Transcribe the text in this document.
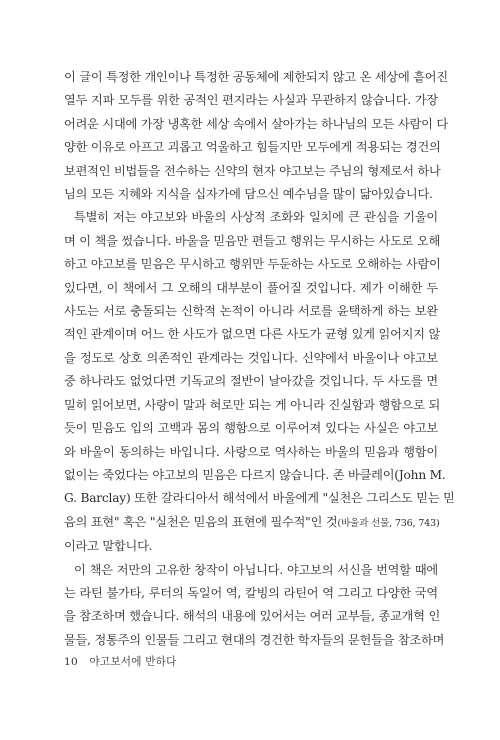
이 글이 특정한 개인이나 특정한 공동체에 제한되지 않고 온 세상에 흩어진
열두 지파 모두를 위한 공적인 편지라는 사실과 무관하지 않습니다. 가장
어려운 시대에 가장 냉혹한 세상 속에서 살아가는 하나님의 모든 사람이 다
양한 이유로 아프고 괴롭고 억울하고 힘들지만 모두에게 적용되는 경건의
보편적인 비법들을 전수하는 신약의 현자 야고보는 주님의 형제로서 하나
님의 모든 지혜와 지식을 십자가에 담으신 예수님을 많이 닮아있습니다.

특별히 저는 야고보와 바울의 사상적 조화와 일치에 큰 관심을 기울이
며 이 책을 썼습니다. 바울을 믿음만 편들고 행위는 무시하는 사도로 오해
하고 야고보를 믿음은 무시하고 행위만 두둔하는 사도로 오해하는 사람이
있다면, 이 책에서 그 오해의 대부분이 풀어질 것입니다. 제가 이해한 두
사도는 서로 충돌되는 신학적 논적이 아니라 서로를 윤택하게 하는 보완
적인 관계이며 어느 한 사도가 없으면 다른 사도가 균형 있게 읽어지지 않
을 정도로 상호 의존적인 관계라는 것입니다. 신약에서 바울이나 야고보
중 하나라도 없었다면 기독교의 절반이 날아갔을 것입니다. 두 사도를 면
밀히 읽어보면, 사랑이 말과 혀로만 되는 게 아니라 진실함과 행함으로 되
듯이 믿음도 입의 고백과 몸의 행함으로 이루어져 있다는 사실은 야고보
와 바울이 동의하는 바입니다. 사랑으로 역사하는 바울의 믿음과 행함이
없이는 죽었다는 야고보의 믿음은 다르지 않습니다. 존 바클레이(John M.
G. Barclay) 또한 갈라디아서 해석에서 바울에게 "실천은 그리스도 믿는 믿
음의 표현" 혹은 "실천은 믿음의 표현에 필수적"인 것(바울과 선물, 736, 743)
이라고 말합니다.

이 책은 저만의 고유한 창작이 아닙니다. 야고보의 서신을 번역할 때에
는 라틴 불가타, 루터의 독일어 역, 칼빙의 라틴어 역 그리고 다양한 국역
을 참조하며 했습니다. 해석의 내용에 있어서는 여러 교부들, 종교개혁 인
물들, 정통주의 인물들 그리고 현대의 경건한 학자들의 문헌들을 참조하며

10 야고보서에 반하다
